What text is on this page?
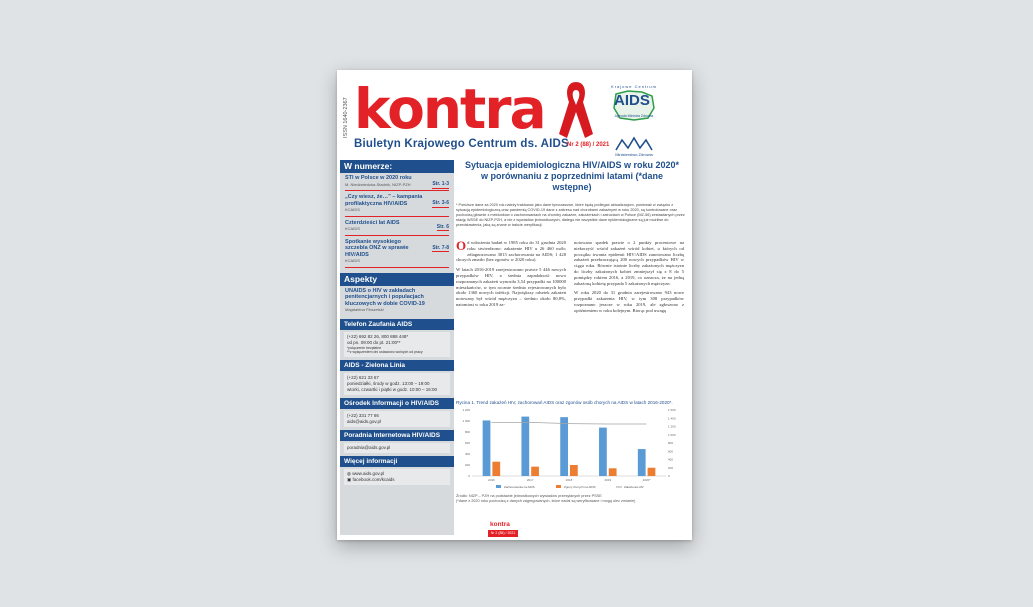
ISSN 1640-2367 kontra
Biuletyn Krajowego Centrum ds. AIDS
Nr 2 (88) / 2021
Krajowe Centrum
AIDS
Agenda Ministra Zdrowia
Ministerstwo Zdrowia
W numerze:
STI w Polsce w 2020 roku
M. Niedźwiedzka-Stadnik, NIZP-PZH	Str. 1-3
„Czy wiesz, że…” – kampania profilaktyczna HIV/AIDS
KCAIDS
Str. 3-6
Czterdzieści lat AIDS
KCAIDS	Str. 6
Spotkanie wysokiego szczebla ONZ w sprawie HIV/AIDS
KCAIDS
Str. 7-8
Aspekty
UNAIDS o HIV w zakładach penitencjarnych i populacjach kluczowych w dobie COVID-19
Magdalena Ploszelski
Telefon Zaufania AIDS
(+22) 692 82 26, 800 888 448*
od pn. 09:00 do pt. 21:00**
*połączenie bezpłatne
**z wyłączeniem dni ustawowo wolnych od pracy
AIDS - Zielona Linia
(+22) 621 33 67
poniedziałki, środy w godz. 13:00 – 19:00
wtorki, czwartki i piątki w godz. 10:00 – 16:00
Ośrodek Informacji o HIV/AIDS
(+22) 331 77 66
aids@aids.gov.pl
Poradnia Internetowa HIV/AIDS
poradnia@aids.gov.pl
Więcej informacji
◍ www.aids.gov.pl
▣ facebook.com/kcaids
Sytuacja epidemiologiczna HIV/AIDS w roku 2020* w porównaniu z poprzednimi latami (*dane wstępne)
* Poniższe dane za 2020 rok należy traktować jako dane tymczasowe, które będą podlegać aktualizacjom, ponieważ w związku z sytuacją epidemiologiczną oraz pandemią COVID-19 dane z zakresu nad chorobami zakaźnymi w roku 2020, są kontrolowane oraz pochodzą głównie z meldunków o zachorowaniach na choroby zakaźne, zakażeniach i zatruciach w Polsce (MZ-56) zestawianych przez stację WSSE do NIZP-PZH, a nie z wywiadów jednostkowych, dlatego nie wszystkie dane epidemiologiczne są już możliwe do przedstawienia, jaką są znane w trakcie weryfikacji.

Od wdrożenia badań w 1985 roku do 31 grudnia 2020 roku stwierdzono: zakażenie HIV u 26 460 osób; zdiagnozowano 3815 zachorowania na AIDS; 1 428 chorych zmarło (bez zgonów w 2020 roku).

W latach 2016-2019 zarejestrowano prawie 5 446 nowych przypadków HIV, a średnia zapadalność nowo rozpoznanych zakażeń wynosiła 3,54 przypadki na 100000 mieszkańców, w tym rocznie średnio rejestrowanych było około 1360 nowych infekcji. Największy odsetek zakażeń notowany był wśród mężczyzn – średnio około 80,8%, natomiast w roku 2019 za-

notowano spadek prawie o 2 punkty procentowe na niekorzyść wśród zakażeń wśród kobiet, u których od początku trwania epidemii HIV/AIDS zanotowano liczbę zakażeń przekraczającą 200 nowych przypadków HIV w ciągu roku. Równie istotnie liczby zakażonych mężczyzn do liczby zakażonych kobiet zmniejszył się z 8 do 5 pomiędzy rokiem 2016, a 2019, co oznacza, że na jedną zakażoną kobietę przypada 5 zakażonych mężczyzn.

W roku 2020 do 31 grudnia zarejestrowano 943 nowe przypadki zakażenia HIV, w tym 308 przypadków rozpoznano jeszcze w roku 2019, ale zgłoszono z opóźnieniem w roku kolejnym. Biorąc pod uwagę

Rycina 1. Trend zakażeń HIV, zachorowań AIDS oraz zgonów osób chorych na AIDS w latach 2016-2020*.
0
200
400
600
800
1 000
1 200
0
200
400
600
800
1 000
1 200
1 400
1 600
2016	2017	2018	2019	2020*
Zachorowania na AIDS	Zgony chorych na AIDS	Zakażenia HIV
Źródło: NIZP – PZH na podstawie jednostkowych wywiadów przesyłanych przez PSSE
(*dane z 2020 roku pochodzą z danych zagregowanych, które nadal są weryfikowane i mogą ulec zmianie)
kontra
Nr 2 (88) / 2021
